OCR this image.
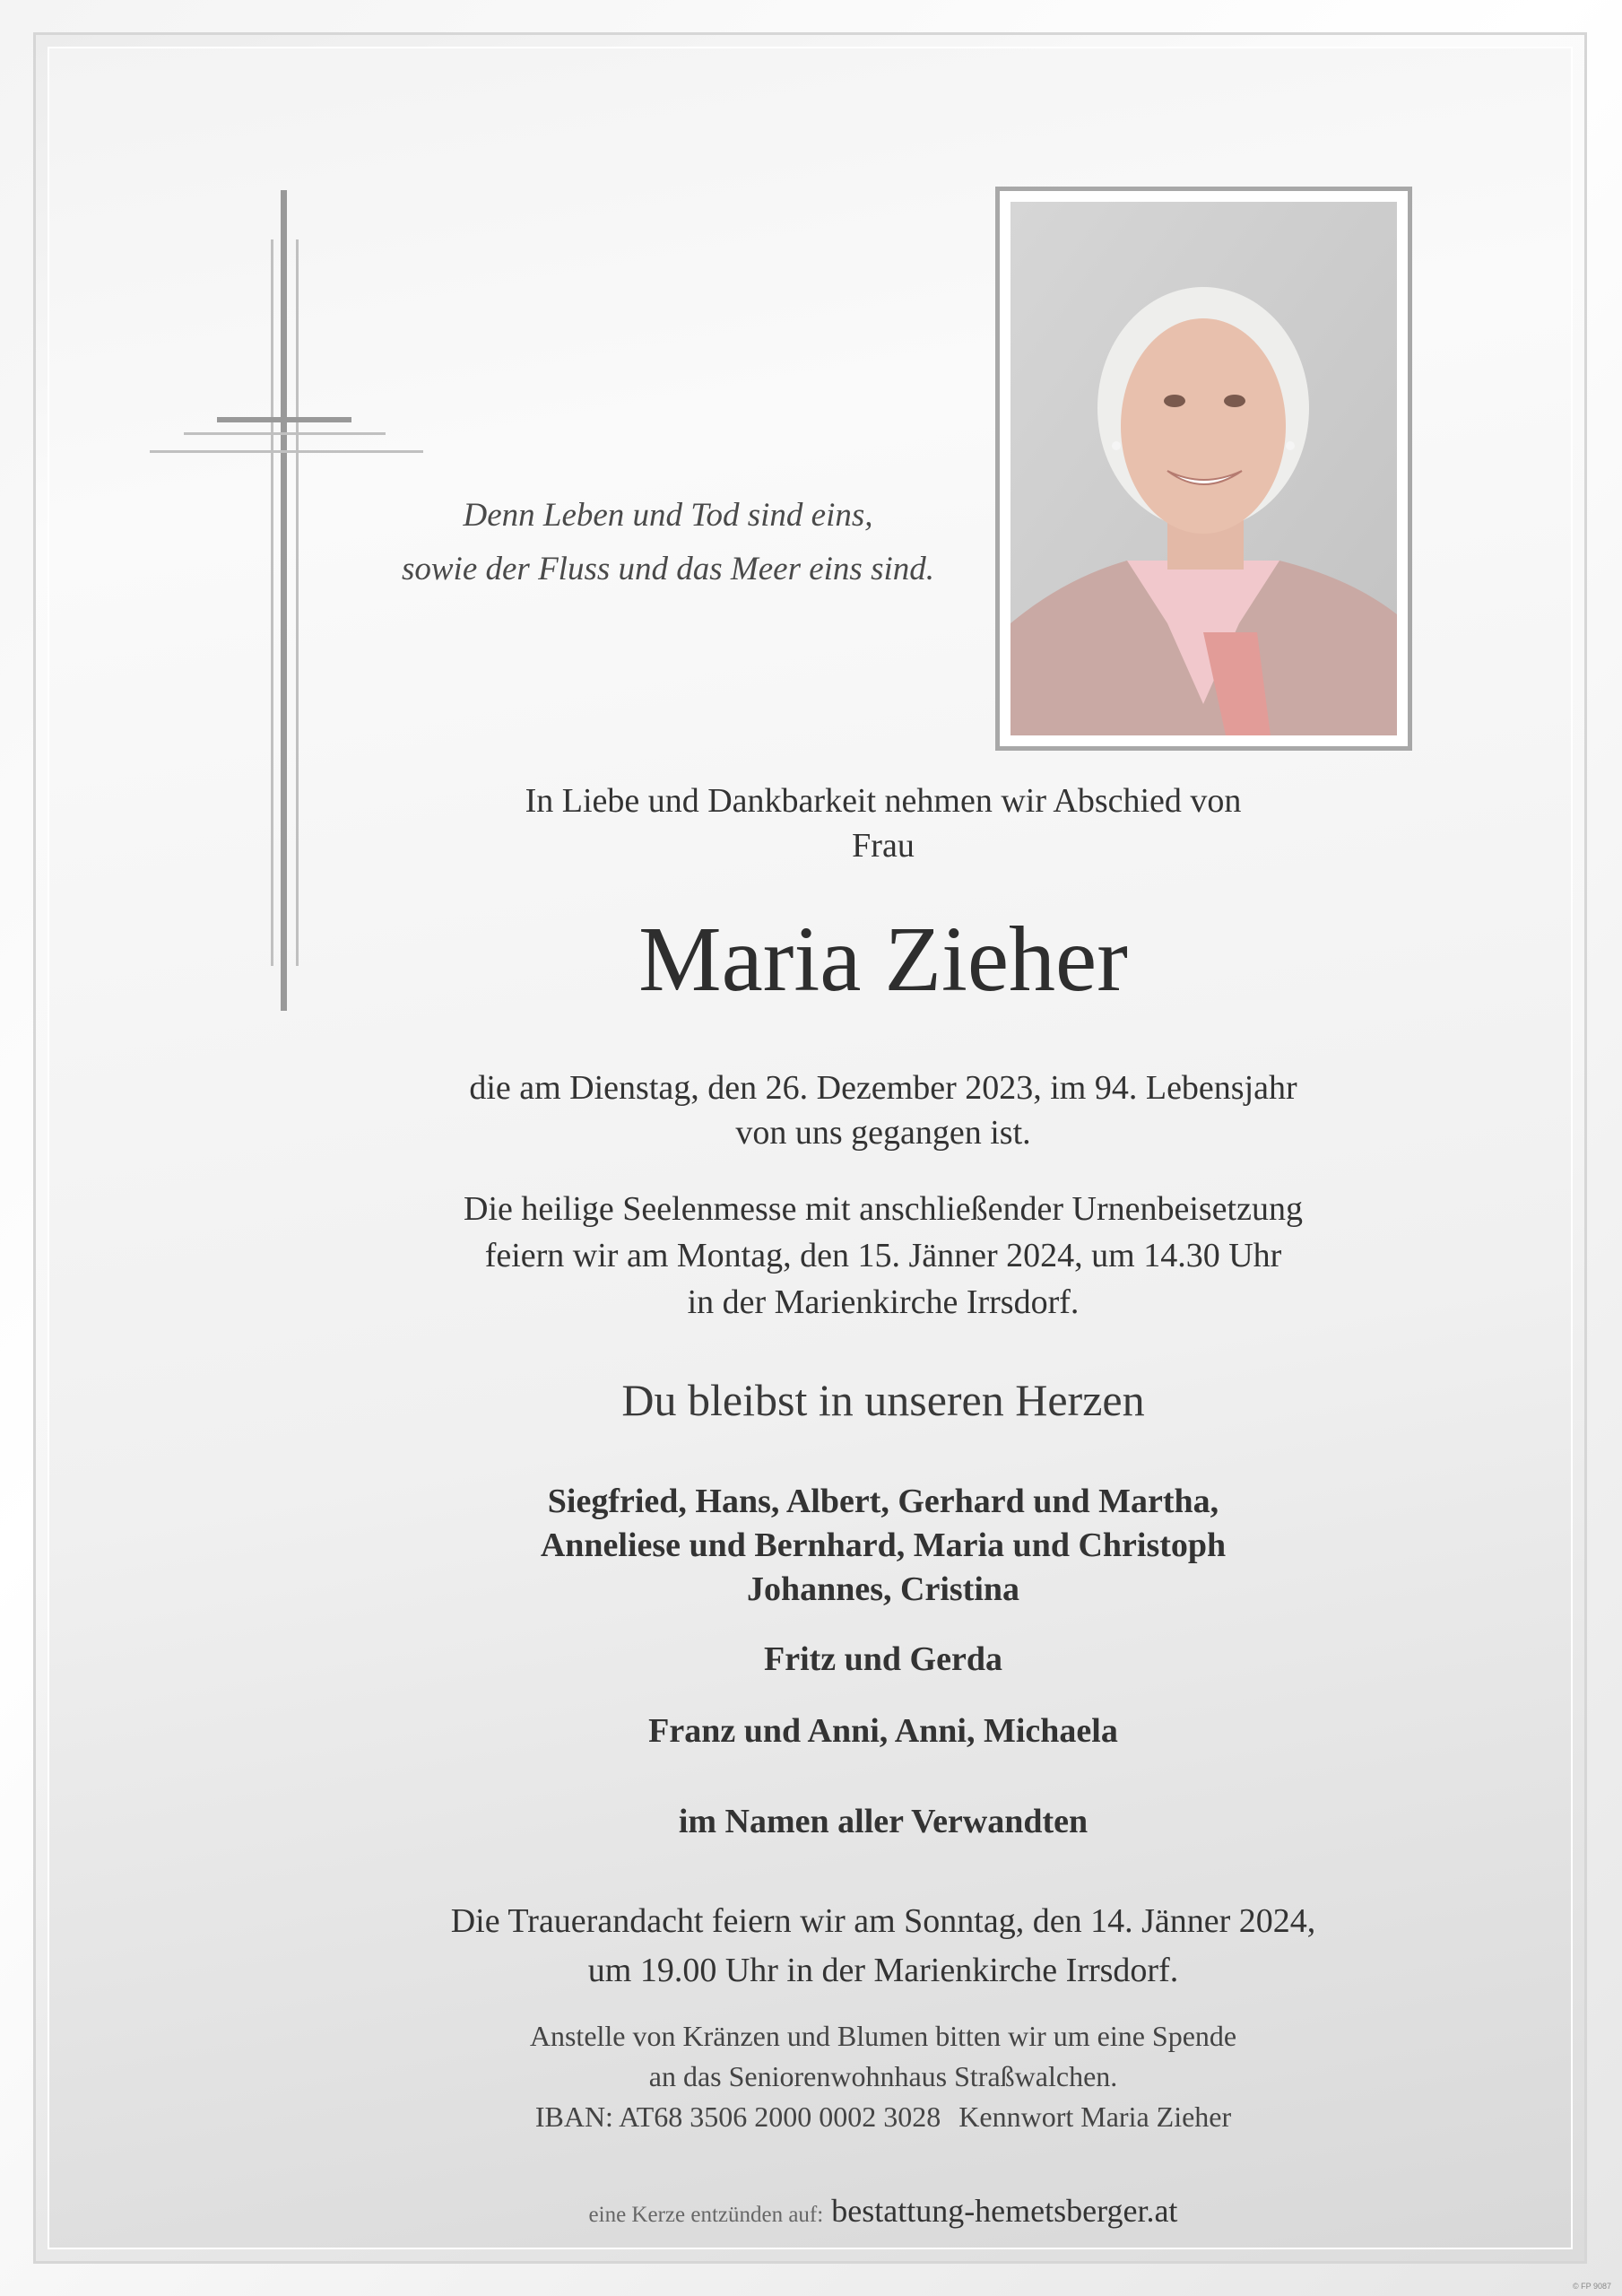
Denn Leben und Tod sind eins,
sowie der Fluss und das Meer eins sind.
In Liebe und Dankbarkeit nehmen wir Abschied von
Frau
Maria Zieher
die am Dienstag, den 26. Dezember 2023, im 94. Lebensjahr
von uns gegangen ist.
Die heilige Seelenmesse mit anschließender Urnenbeisetzung
feiern wir am Montag, den 15. Jänner 2024, um 14.30 Uhr
in der Marienkirche Irrsdorf.
Du bleibst in unseren Herzen
Siegfried, Hans, Albert, Gerhard und Martha,
Anneliese und Bernhard, Maria und Christoph
Johannes, Cristina
Fritz und Gerda
Franz und Anni, Anni, Michaela
im Namen aller Verwandten
Die Trauerandacht feiern wir am Sonntag, den 14. Jänner 2024,
um 19.00 Uhr in der Marienkirche Irrsdorf.
Anstelle von Kränzen und Blumen bitten wir um eine Spende
an das Seniorenwohnhaus Straßwalchen.
IBAN: AT68 3506 2000 0002 3028 Kennwort Maria Zieher
eine Kerze entzünden auf: bestattung-hemetsberger.at
© FP 9087
